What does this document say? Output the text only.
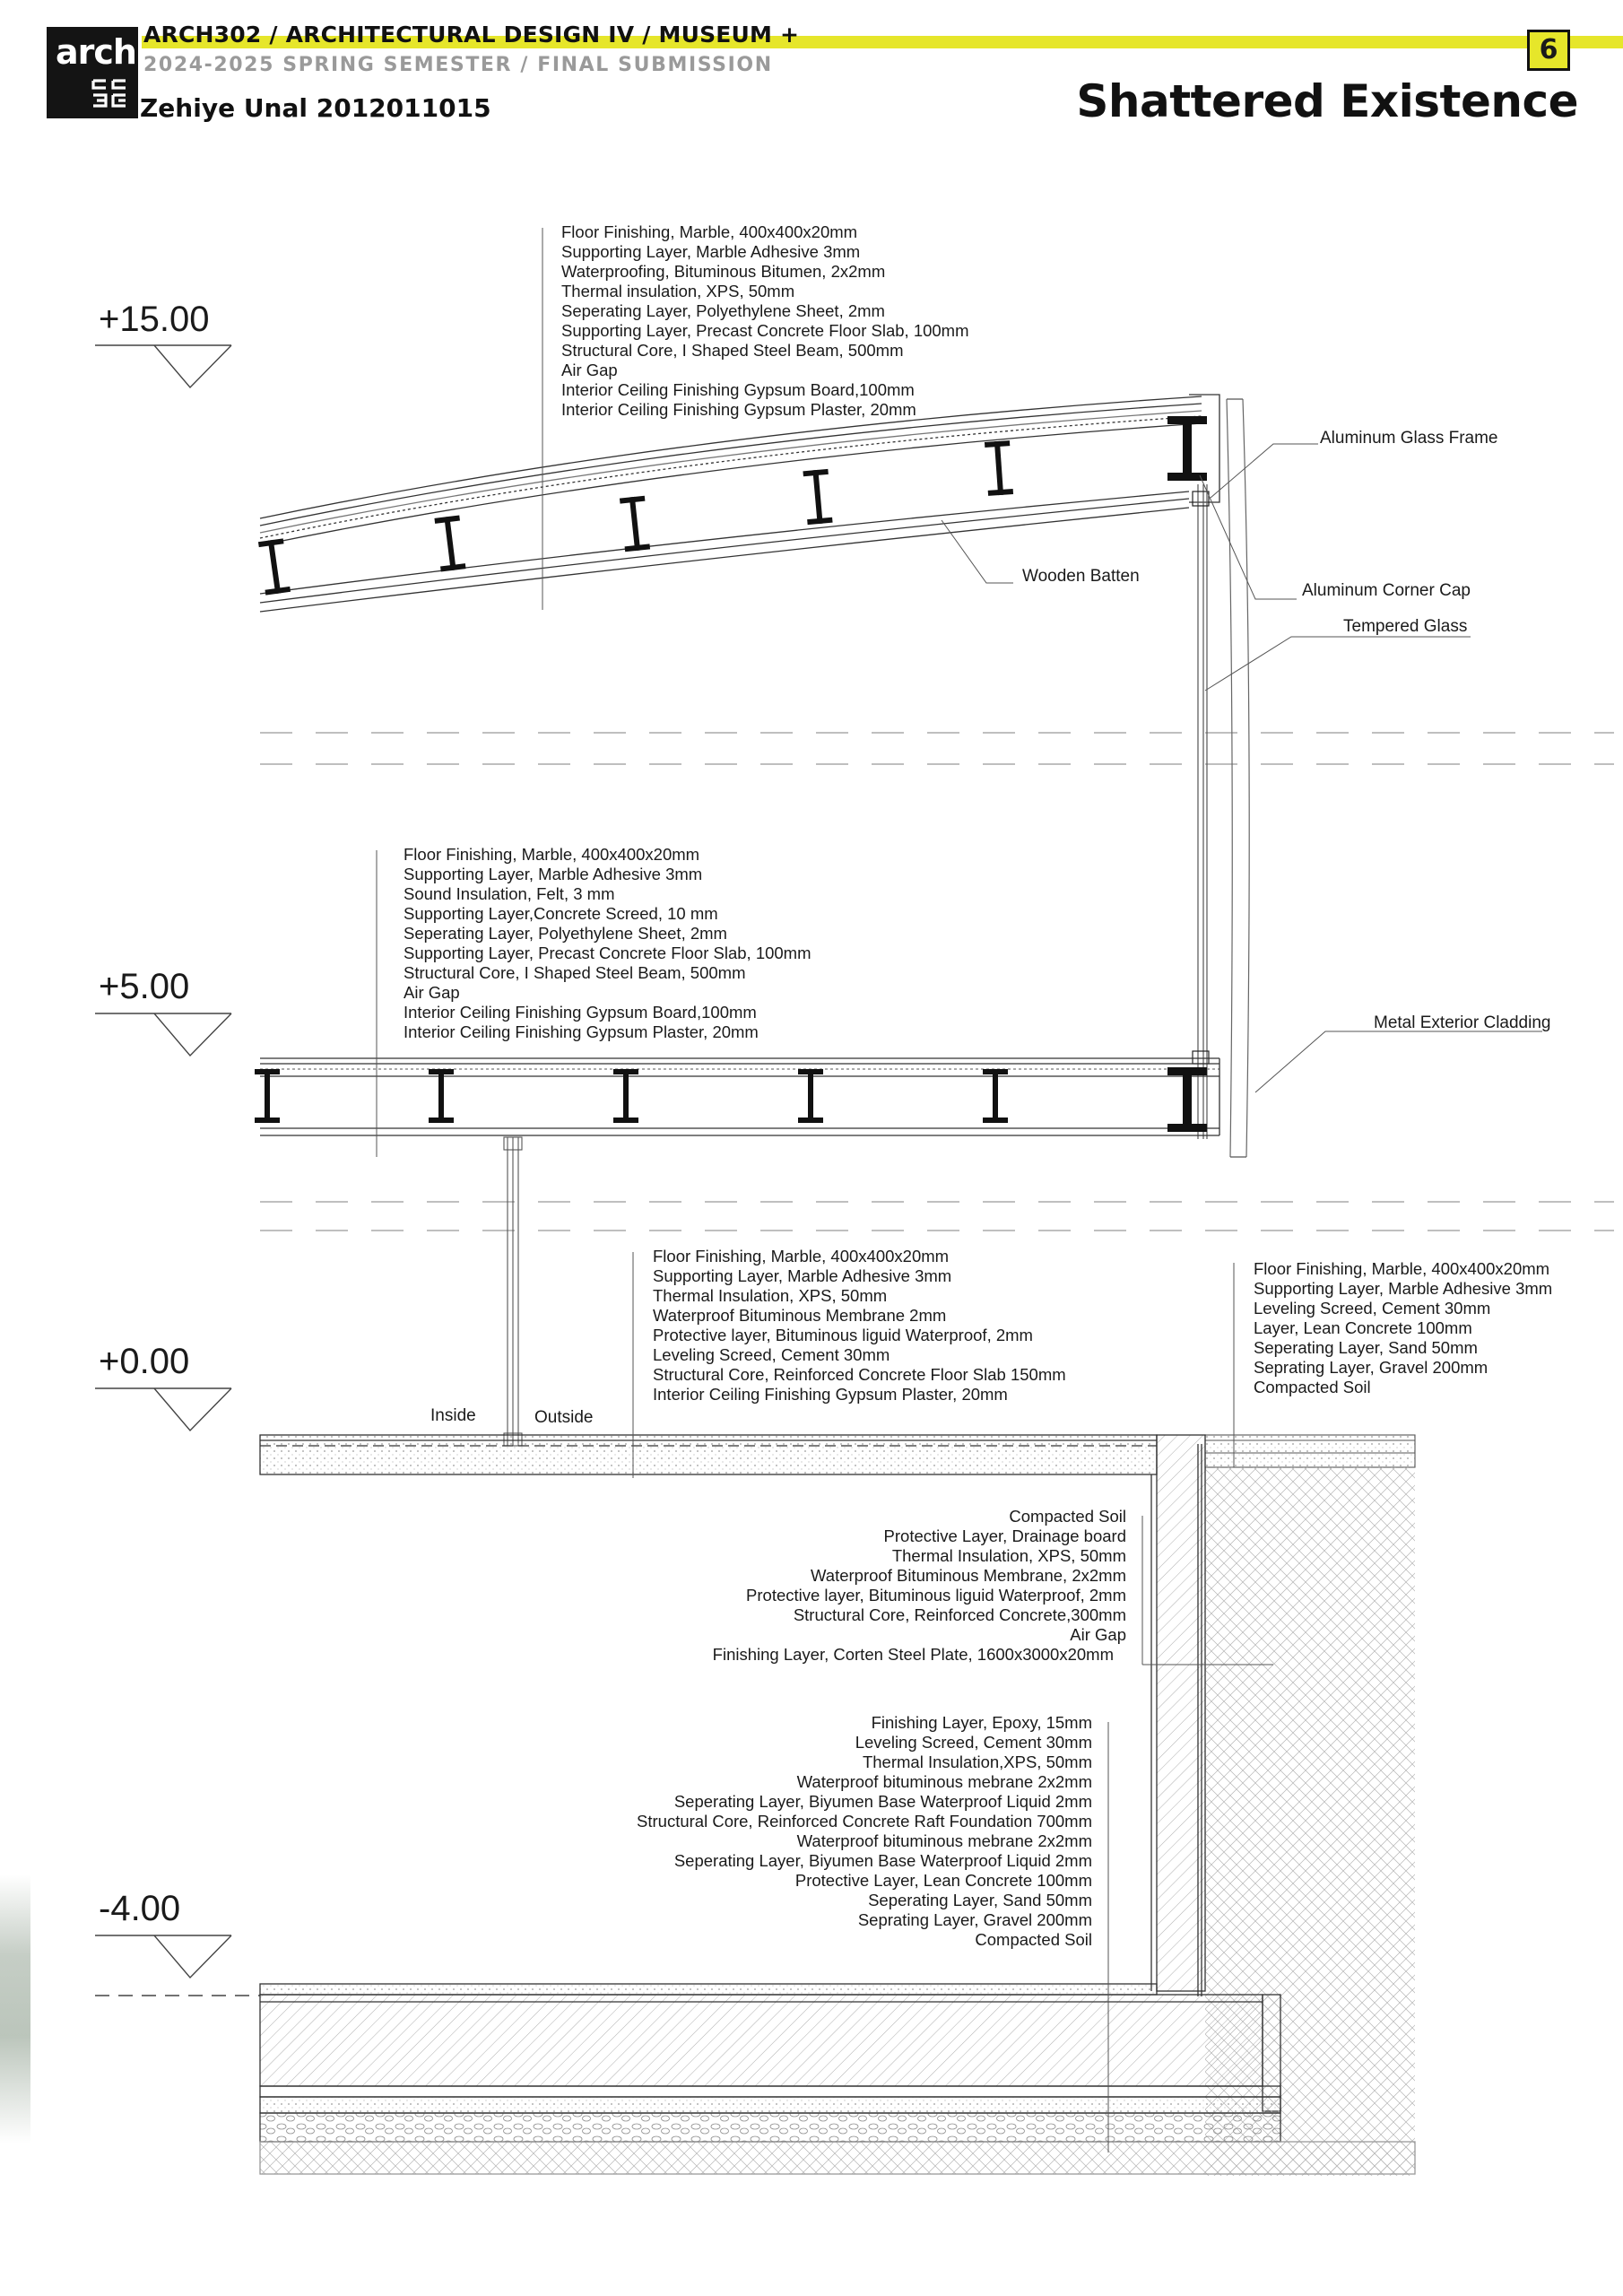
arch ARCH302 / ARCHITECTURAL DESIGN IV / MUSEUM +
2024-2025 SPRING SEMESTER / FINAL SUBMISSION
Zehiye Unal 2012011015
6
Shattered Existence
+15.00
+5.00
+0.00
-4.00
Floor Finishing, Marble, 400x400x20mm
Supporting Layer, Marble Adhesive 3mm
Waterproofing, Bituminous Bitumen, 2x2mm
Thermal insulation, XPS, 50mm
Seperating Layer, Polyethylene Sheet, 2mm
Supporting Layer, Precast Concrete Floor Slab, 100mm
Structural Core, I Shaped Steel Beam, 500mm
Air Gap
Interior Ceiling Finishing Gypsum Board,100mm
Interior Ceiling Finishing Gypsum Plaster, 20mm
Floor Finishing, Marble, 400x400x20mm
Supporting Layer, Marble Adhesive 3mm
Sound Insulation, Felt, 3 mm
Supporting Layer,Concrete Screed, 10 mm
Seperating Layer, Polyethylene Sheet, 2mm
Supporting Layer, Precast Concrete Floor Slab, 100mm
Structural Core, I Shaped Steel Beam, 500mm
Air Gap
Interior Ceiling Finishing Gypsum Board,100mm
Interior Ceiling Finishing Gypsum Plaster, 20mm
Floor Finishing, Marble, 400x400x20mm
Supporting Layer, Marble Adhesive 3mm
Thermal Insulation, XPS, 50mm
Waterproof Bituminous Membrane 2mm
Protective layer, Bituminous liguid Waterproof, 2mm
Leveling Screed, Cement 30mm
Structural Core, Reinforced Concrete Floor Slab 150mm
Interior Ceiling Finishing Gypsum Plaster, 20mm
Floor Finishing, Marble, 400x400x20mm
Supporting Layer, Marble Adhesive 3mm
Leveling Screed, Cement 30mm
Layer, Lean Concrete 100mm
Seperating Layer, Sand 50mm
Seprating Layer, Gravel 200mm
Compacted Soil
Compacted Soil
Protective Layer, Drainage board
Thermal Insulation, XPS, 50mm
Waterproof Bituminous Membrane, 2x2mm
Protective layer, Bituminous liguid Waterproof, 2mm
Structural Core, Reinforced Concrete,300mm
Air Gap
Finishing Layer, Corten Steel Plate, 1600x3000x20mm
Finishing Layer, Epoxy, 15mm
Leveling Screed, Cement 30mm
Thermal Insulation,XPS, 50mm
Waterproof bituminous mebrane 2x2mm
Seperating Layer, Biyumen Base Waterproof Liquid 2mm
Structural Core, Reinforced Concrete Raft Foundation 700mm
Waterproof bituminous mebrane 2x2mm
Seperating Layer, Biyumen Base Waterproof Liquid 2mm
Protective Layer, Lean Concrete 100mm
Seperating Layer, Sand 50mm
Seprating Layer, Gravel 200mm
Compacted Soil
Aluminum Glass Frame
Wooden Batten
Aluminum Corner Cap
Tempered Glass
Metal Exterior Cladding
Inside	Outside
